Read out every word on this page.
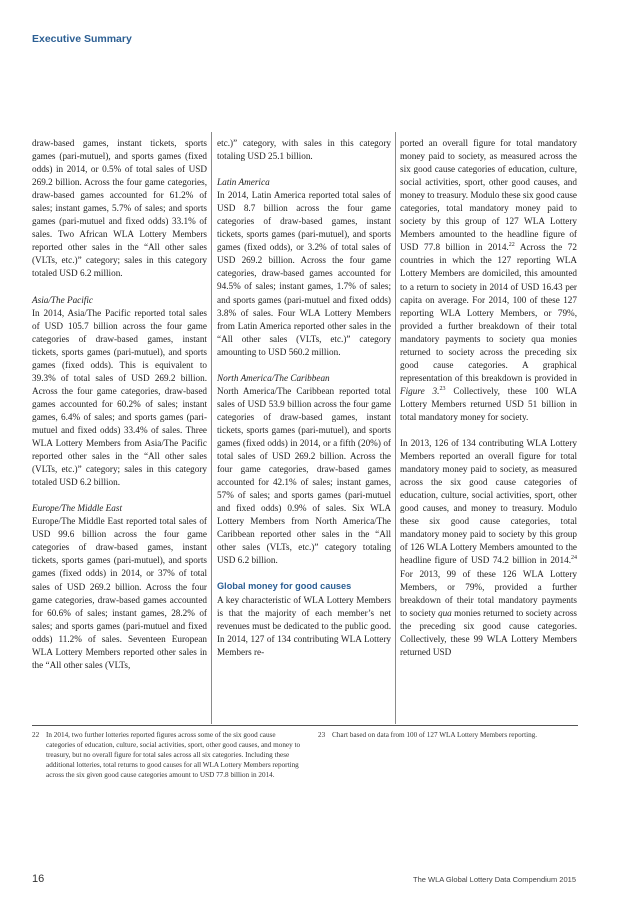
Executive Summary

draw-based games, instant tickets, sports games (pari-mutuel), and sports games (fixed odds) in 2014, or 0.5% of total sales of USD 269.2 billion. Across the four game categories, draw-based games accounted for 61.2% of sales; instant games, 5.7% of sales; and sports games (pari-mutuel and fixed odds) 33.1% of sales. Two African WLA Lottery Members reported other sales in the “All other sales (VLTs, etc.)” category; sales in this category totaled USD 6.2 million.

Asia/The Pacific

In 2014, Asia/The Pacific reported total sales of USD 105.7 billion across the four game categories of draw-based games, instant tickets, sports games (pari-mutuel), and sports games (fixed odds). This is equivalent to 39.3% of total sales of USD 269.2 billion. Across the four game categories, draw-based games accounted for 60.2% of sales; instant games, 6.4% of sales; and sports games (pari-mutuel and fixed odds) 33.4% of sales. Three WLA Lottery Members from Asia/The Pacific reported other sales in the “All other sales (VLTs, etc.)” category; sales in this category totaled USD 6.2 billion.

Europe/The Middle East

Europe/The Middle East reported total sales of USD 99.6 billion across the four game categories of draw-based games, instant tickets, sports games (pari-mutuel), and sports games (fixed odds) in 2014, or 37% of total sales of USD 269.2 billion. Across the four game categories, draw-based games accounted for 60.6% of sales; instant games, 28.2% of sales; and sports games (pari-mutuel and fixed odds) 11.2% of sales. Seventeen European WLA Lottery Members reported other sales in the “All other sales (VLTs,

etc.)” category, with sales in this category totaling USD 25.1 billion.

Latin America

In 2014, Latin America reported total sales of USD 8.7 billion across the four game categories of draw-based games, instant tickets, sports games (pari-mutuel), and sports games (fixed odds), or 3.2% of total sales of USD 269.2 billion. Across the four game categories, draw-based games accounted for 94.5% of sales; instant games, 1.7% of sales; and sports games (pari-mutuel and fixed odds) 3.8% of sales. Four WLA Lottery Members from Latin America reported other sales in the “All other sales (VLTs, etc.)” category amounting to USD 560.2 million.

North America/The Caribbean

North America/The Caribbean reported total sales of USD 53.9 billion across the four game categories of draw-based games, instant tickets, sports games (pari-mutuel), and sports games (fixed odds) in 2014, or a fifth (20%) of total sales of USD 269.2 billion. Across the four game categories, draw-based games accounted for 42.1% of sales; instant games, 57% of sales; and sports games (pari-mutuel and fixed odds) 0.9% of sales. Six WLA Lottery Members from North America/The Caribbean reported other sales in the “All other sales (VLTs, etc.)” category totaling USD 6.2 billion.

Global money for good causes

A key characteristic of WLA Lottery Members is that the majority of each member’s net revenues must be dedicated to the public good. In 2014, 127 of 134 contributing WLA Lottery Members re-

ported an overall figure for total mandatory money paid to society, as measured across the six good cause categories of education, culture, social activities, sport, other good causes, and money to treasury. Modulo these six good cause categories, total mandatory money paid to society by this group of 127 WLA Lottery Members amounted to the headline figure of USD 77.8 billion in 2014.22 Across the 72 countries in which the 127 reporting WLA Lottery Members are domiciled, this amounted to a return to society in 2014 of USD 16.43 per capita on average. For 2014, 100 of these 127 reporting WLA Lottery Members, or 79%, provided a further breakdown of their total mandatory payments to society qua monies returned to society across the preceding six good cause categories. A graphical representation of this breakdown is provided in Figure 3.23 Collectively, these 100 WLA Lottery Members returned USD 51 billion in total mandatory money for society.

In 2013, 126 of 134 contributing WLA Lottery Members reported an overall figure for total mandatory money paid to society, as measured across the six good cause categories of education, culture, social activities, sport, other good causes, and money to treasury. Modulo these six good cause categories, total mandatory money paid to society by this group of 126 WLA Lottery Members amounted to the headline figure of USD 74.2 billion in 2014.24 For 2013, 99 of these 126 WLA Lottery Members, or 79%, provided a further breakdown of their total mandatory payments to society qua monies returned to society across the preceding six good cause categories. Collectively, these 99 WLA Lottery Members returned USD

22 In 2014, two further lotteries reported figures across some of the six good cause categories of education, culture, social activities, sport, other good causes, and money to treasury, but no overall figure for total sales across all six categories. Including these additional lotteries, total returns to good causes for all WLA Lottery Members reporting across the six given good cause categories amount to USD 77.8 billion in 2014.
23 Chart based on data from 100 of 127 WLA Lottery Members reporting.
16	The WLA Global Lottery Data Compendium 2015
